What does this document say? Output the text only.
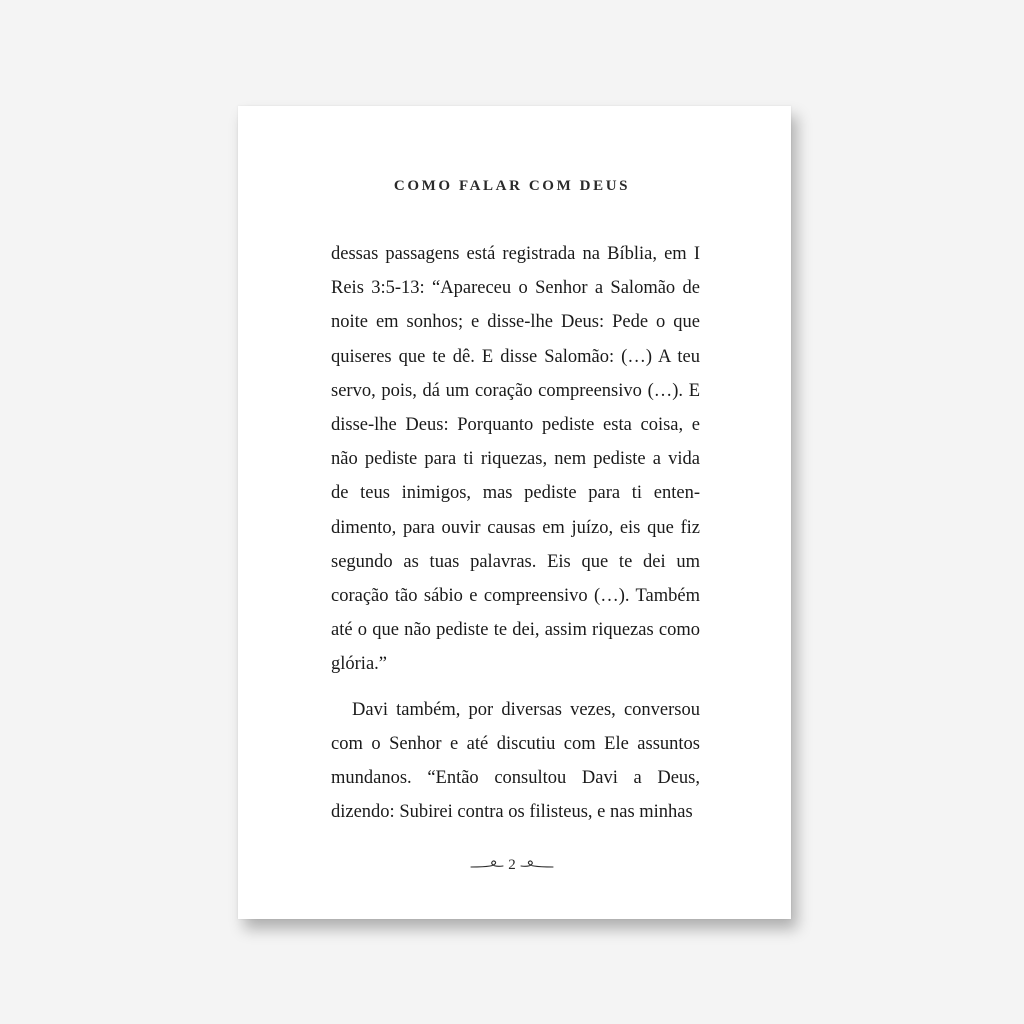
COMO FALAR COM DEUS

dessas passagens está registrada na Bíblia, em I Reis 3:5-13: “Apareceu o Senhor a Salomão de noite em sonhos; e disse-lhe Deus: Pede o que quiseres que te dê. E disse Salomão: (…) A teu servo, pois, dá um coração compreensivo (…). E disse-lhe Deus: Porquanto pediste esta coisa, e não pediste para ti riquezas, nem pediste a vida de teus inimigos, mas pediste para ti entendimento, para ouvir causas em juízo, eis que fiz segundo as tuas palavras. Eis que te dei um coração tão sábio e compreensivo (…). Também até o que não pediste te dei, assim riquezas como glória.”

Davi também, por diversas vezes, conversou com o Senhor e até discutiu com Ele assuntos mundanos. “Então consultou Davi a Deus, dizendo: Subirei contra os filisteus, e nas minhas

2
